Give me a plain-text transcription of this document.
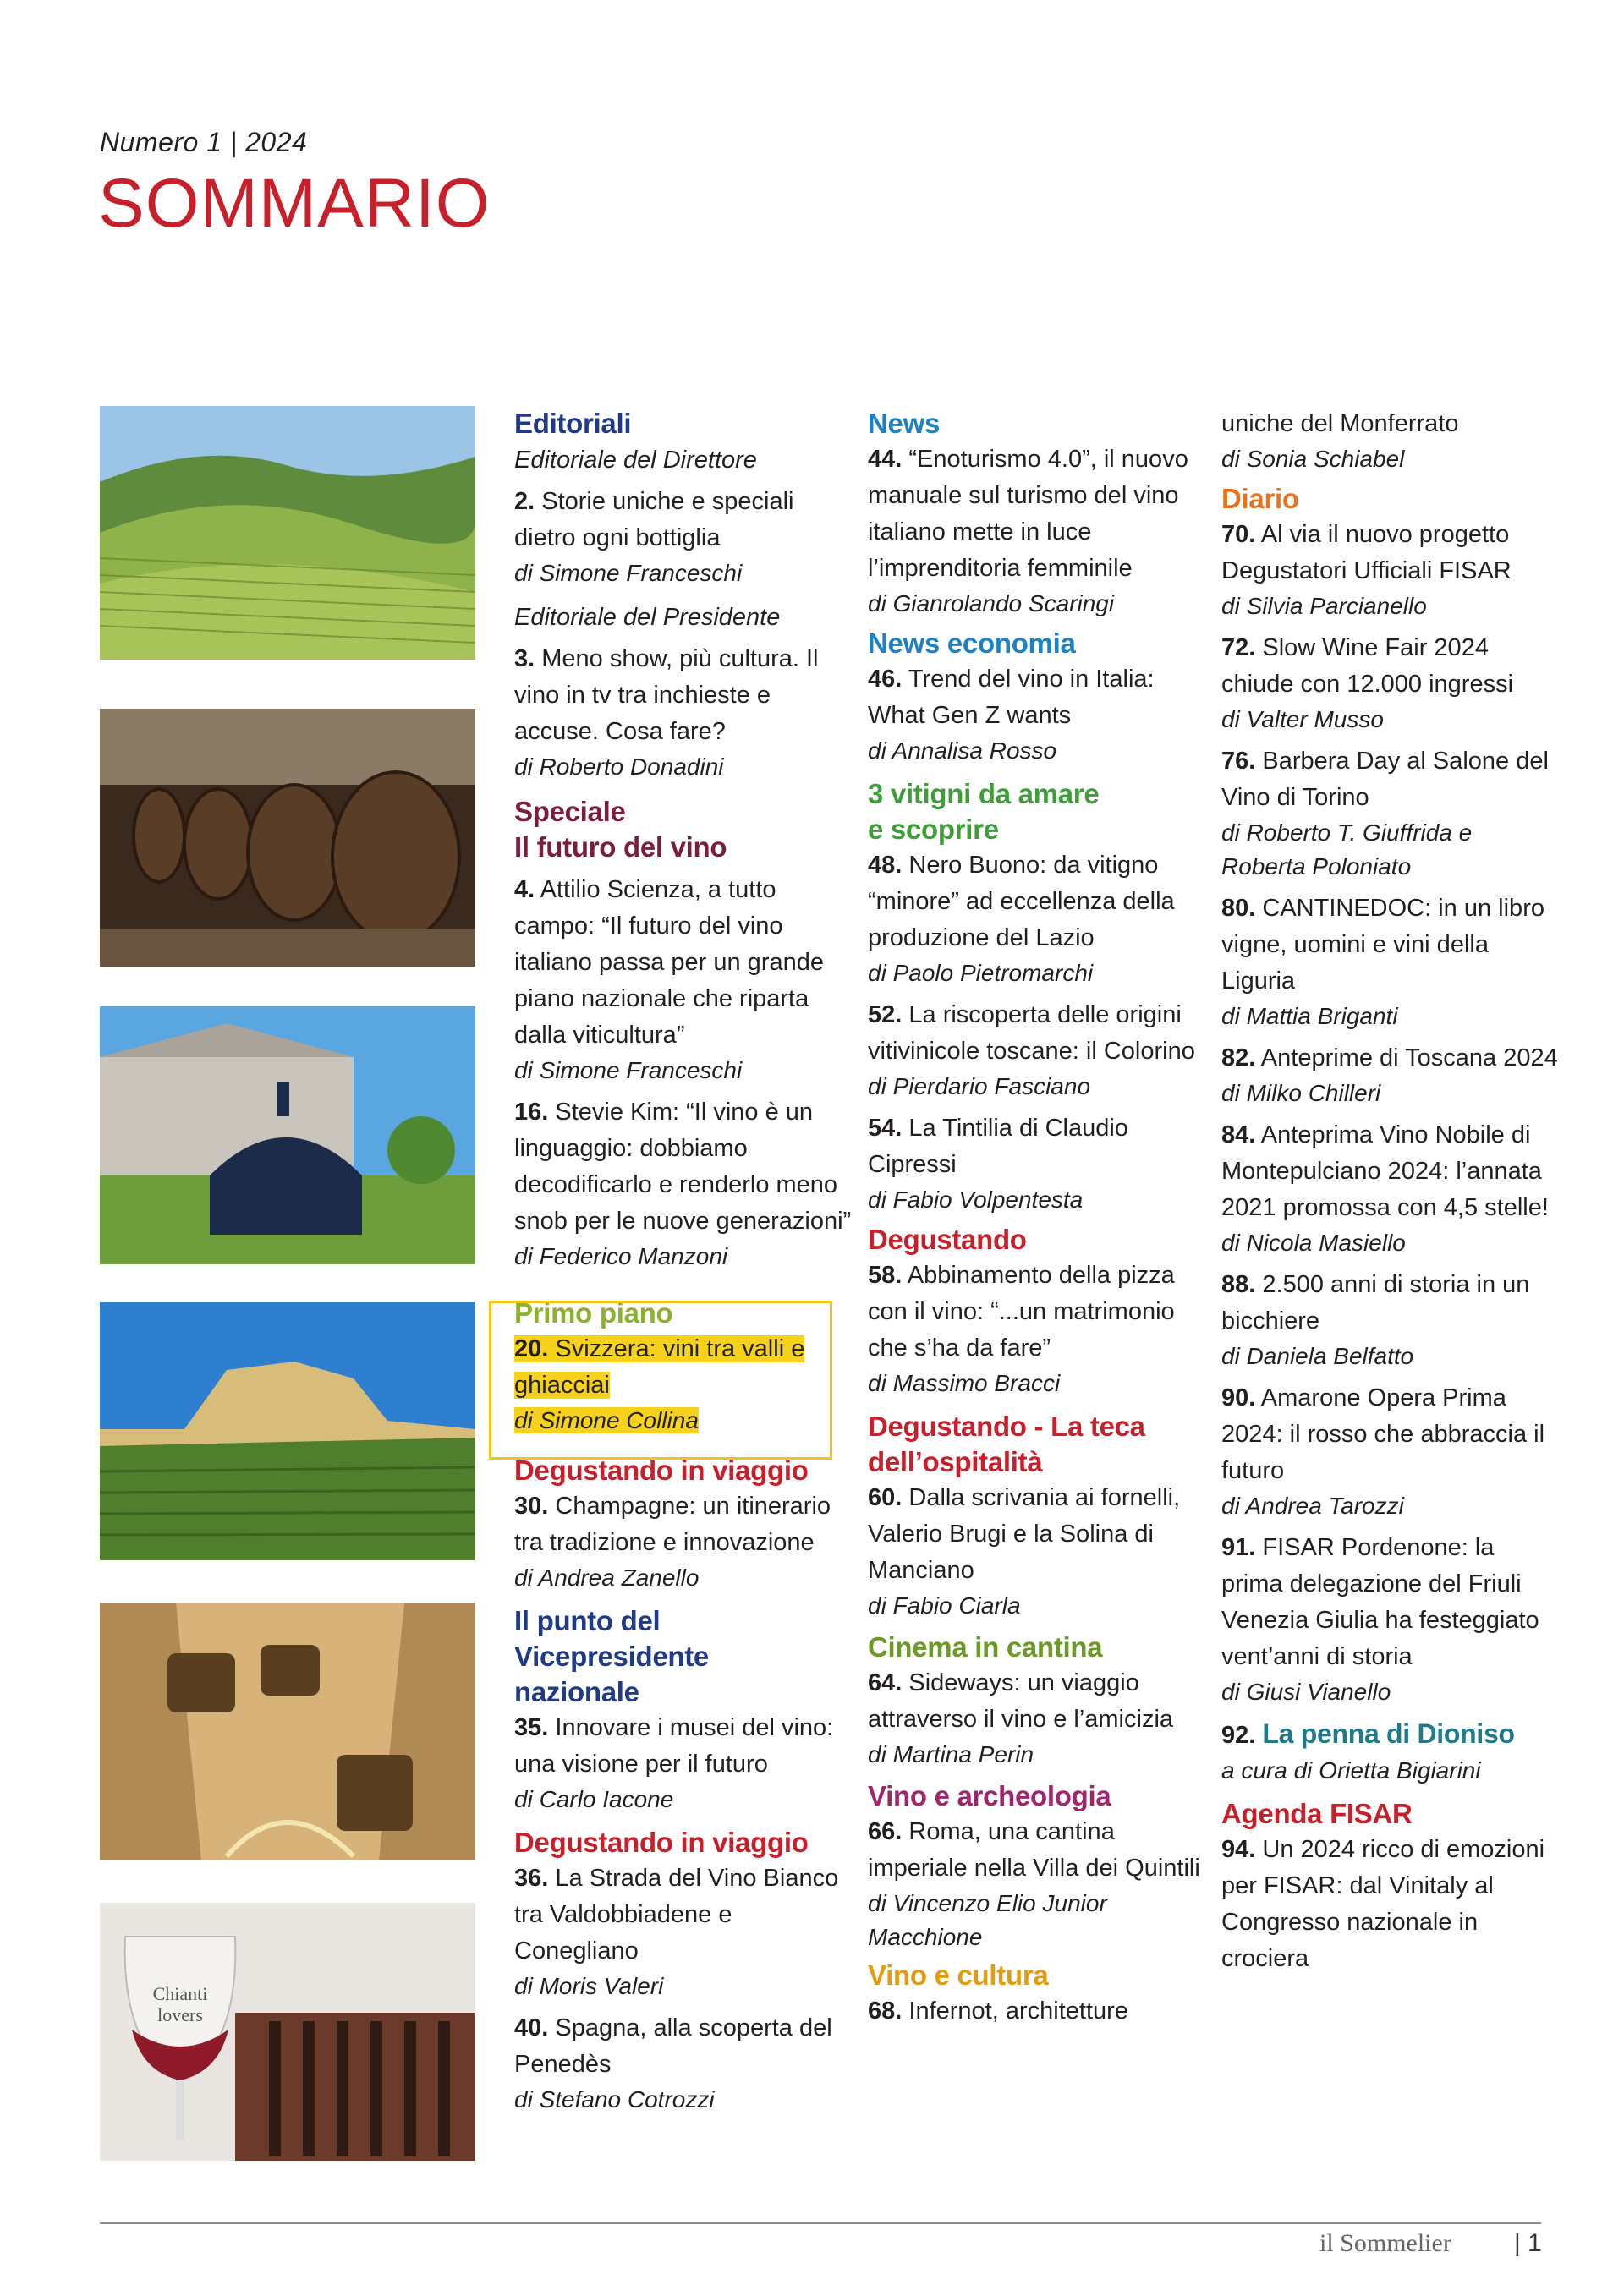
Numero 1 | 2024
SOMMARIO
Chianti
lovers
Editoriali
Editoriale del Direttore
2. Storie uniche e speciali dietro ogni bottiglia
di Simone Franceschi
Editoriale del Presidente
3. Meno show, più cultura. Il vino in tv tra inchieste e accuse. Cosa fare?
di Roberto Donadini
Speciale
Il futuro del vino
4. Attilio Scienza, a tutto campo: “Il futuro del vino italiano passa per un grande piano nazionale che riparta dalla viticultura”
di Simone Franceschi
16. Stevie Kim: “Il vino è un linguaggio: dobbiamo decodificarlo e renderlo meno snob per le nuove generazioni”
di Federico Manzoni
Primo piano
20. Svizzera: vini tra valli e ghiacciai
di Simone Collina
Degustando in viaggio
30. Champagne: un itinerario tra tradizione e innovazione
di Andrea Zanello
Il punto del
Vicepresidente
nazionale
35. Innovare i musei del vino: una visione per il futuro
di Carlo Iacone
Degustando in viaggio
36. La Strada del Vino Bianco tra Valdobbiadene e Conegliano
di Moris Valeri
40. Spagna, alla scoperta del Penedès
di Stefano Cotrozzi
News
44. “Enoturismo 4.0”, il nuovo manuale sul turismo del vino italiano mette in luce l’imprenditoria femminile
di Gianrolando Scaringi
News economia
46. Trend del vino in Italia: What Gen Z wants
di Annalisa Rosso
3 vitigni da amare
e scoprire
48. Nero Buono: da vitigno “minore” ad eccellenza della produzione del Lazio
di Paolo Pietromarchi
52. La riscoperta delle origini vitivinicole toscane: il Colorino
di Pierdario Fasciano
54. La Tintilia di Claudio Cipressi
di Fabio Volpentesta
Degustando
58. Abbinamento della pizza con il vino: “...un matrimonio che s’ha da fare”
di Massimo Bracci
Degustando - La teca
dell’ospitalità
60. Dalla scrivania ai fornelli, Valerio Brugi e la Solina di Manciano
di Fabio Ciarla
Cinema in cantina
64. Sideways: un viaggio attraverso il vino e l’amicizia
di Martina Perin
Vino e archeologia
66. Roma, una cantina imperiale nella Villa dei Quintili
di Vincenzo Elio Junior Macchione
Vino e cultura
68. Infernot, architetture
uniche del Monferrato
di Sonia Schiabel
Diario
70. Al via il nuovo progetto Degustatori Ufficiali FISAR
di Silvia Parcianello
72. Slow Wine Fair 2024 chiude con 12.000 ingressi
di Valter Musso
76. Barbera Day al Salone del Vino di Torino
di Roberto T. Giuffrida e Roberta Poloniato
80. CANTINEDOC: in un libro vigne, uomini e vini della Liguria
di Mattia Briganti
82. Anteprime di Toscana 2024
di Milko Chilleri
84. Anteprima Vino Nobile di Montepulciano 2024: l’annata 2021 promossa con 4,5 stelle!
di Nicola Masiello
88. 2.500 anni di storia in un bicchiere
di Daniela Belfatto
90. Amarone Opera Prima 2024: il rosso che abbraccia il futuro
di Andrea Tarozzi
91. FISAR Pordenone: la prima delegazione del Friuli Venezia Giulia ha festeggiato vent’anni di storia
di Giusi Vianello
92. La penna di Dioniso
a cura di Orietta Bigiarini
Agenda FISAR
94. Un 2024 ricco di emozioni per FISAR: dal Vinitaly al Congresso nazionale in crociera
il Sommelier | 1
